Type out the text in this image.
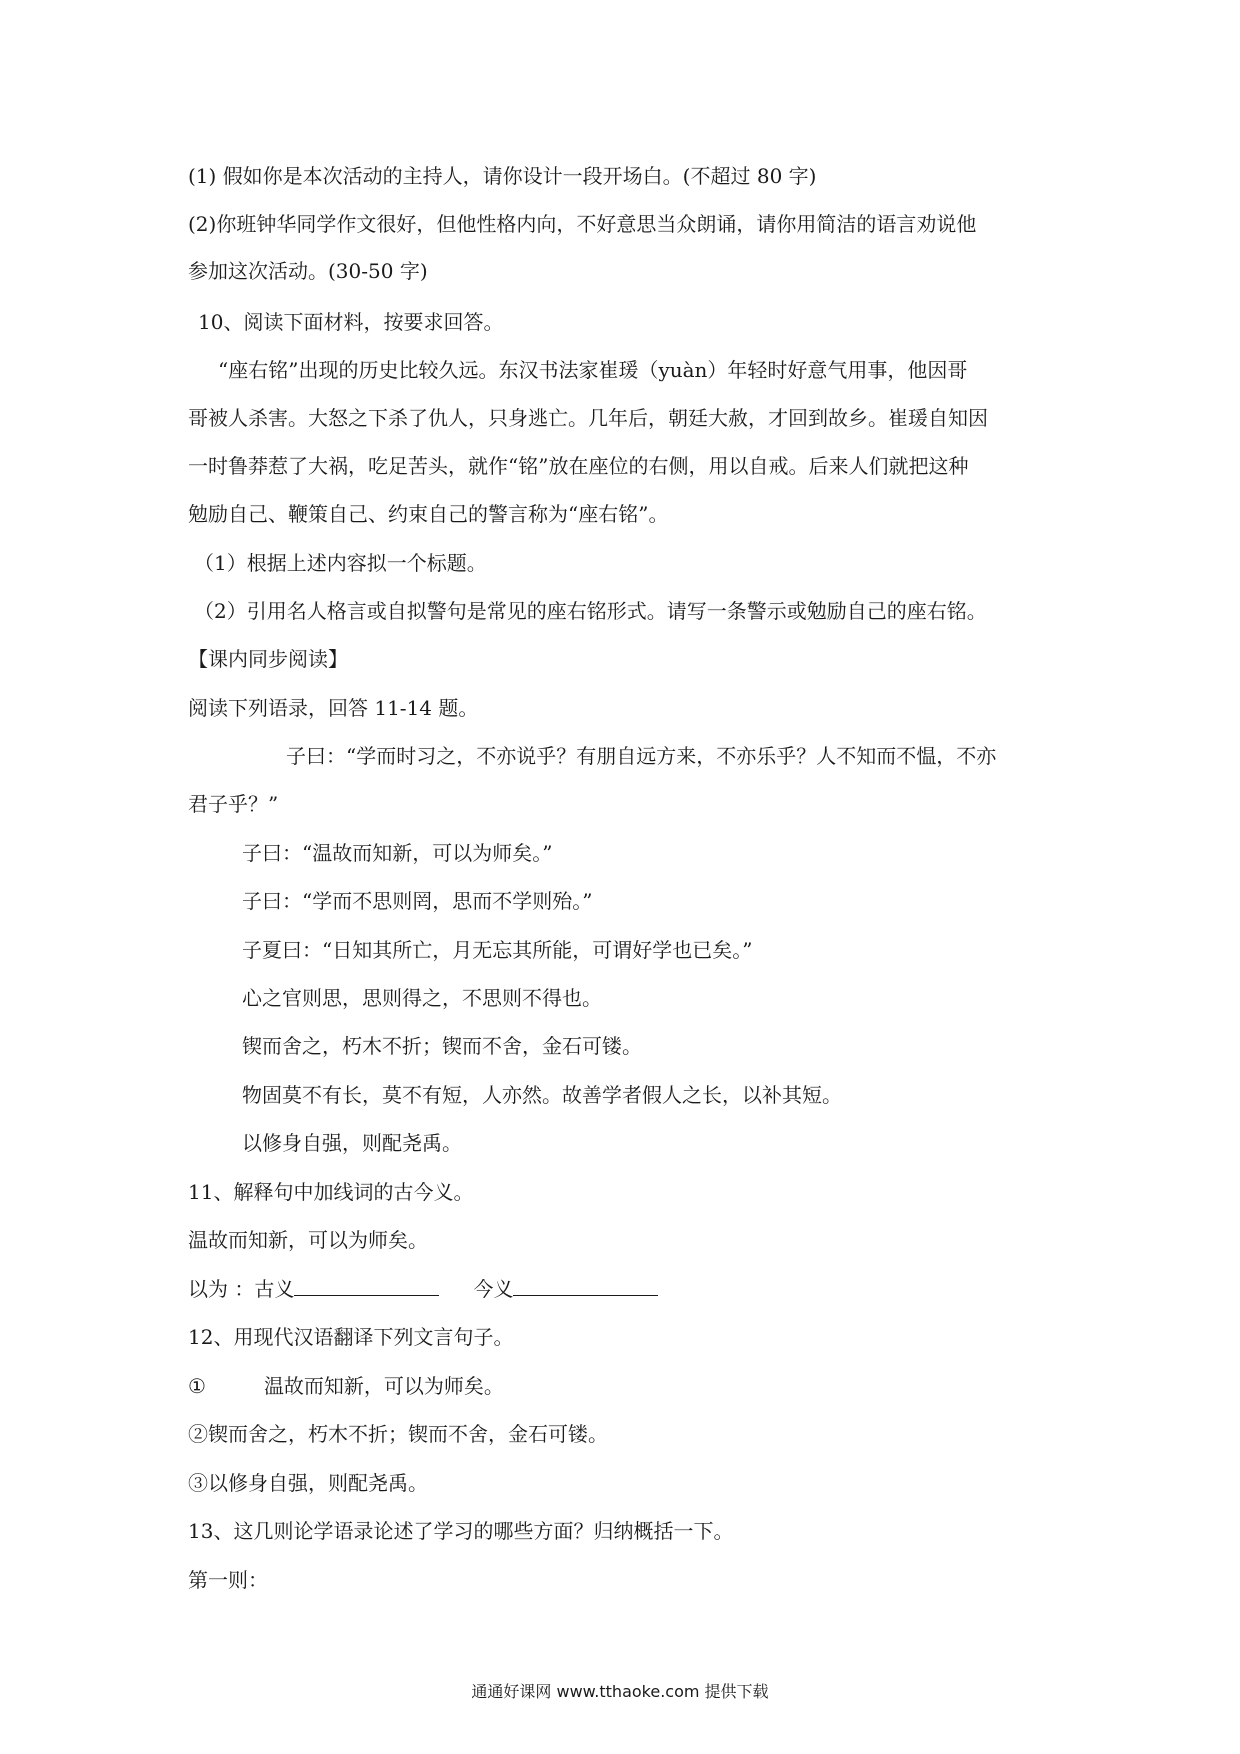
(1) 假如你是本次活动的主持人，请你设计一段开场白。(不超过 80 字)

(2)你班钟华同学作文很好，但他性格内向，不好意思当众朗诵，请你用简洁的语言劝说他

参加这次活动。(30-50 字)

10、阅读下面材料，按要求回答。

“座右铭”出现的历史比较久远。东汉书法家崔瑗（yuàn）年轻时好意气用事，他因哥

哥被人杀害。大怒之下杀了仇人，只身逃亡。几年后，朝廷大赦，才回到故乡。崔瑗自知因

一时鲁莽惹了大祸，吃足苦头，就作“铭”放在座位的右侧，用以自戒。后来人们就把这种

勉励自己、鞭策自己、约束自己的警言称为“座右铭”。

（1）根据上述内容拟一个标题。

（2）引用名人格言或自拟警句是常见的座右铭形式。请写一条警示或勉励自己的座右铭。

【课内同步阅读】

阅读下列语录，回答 11-14 题。

子曰：“学而时习之，不亦说乎？有朋自远方来，不亦乐乎？人不知而不愠，不亦

君子乎？”

子曰：“温故而知新，可以为师矣。”

子曰：“学而不思则罔，思而不学则殆。”

子夏曰：“日知其所亡，月无忘其所能，可谓好学也已矣。”

心之官则思，思则得之，不思则不得也。

锲而舍之，朽木不折；锲而不舍，金石可镂。

物固莫不有长，莫不有短，人亦然。故善学者假人之长，以补其短。

以修身自强，则配尧禹。

11、解释句中加线词的古今义。

温故而知新，可以为师矣。

以为 ：古义	今义

12、用现代汉语翻译下列文言句子。

①	温故而知新，可以为师矣。

②锲而舍之，朽木不折；锲而不舍，金石可镂。

③以修身自强，则配尧禹。

13、这几则论学语录论述了学习的哪些方面？归纳概括一下。

第一则：

通通好课网 www.tthaoke.com 提供下载
